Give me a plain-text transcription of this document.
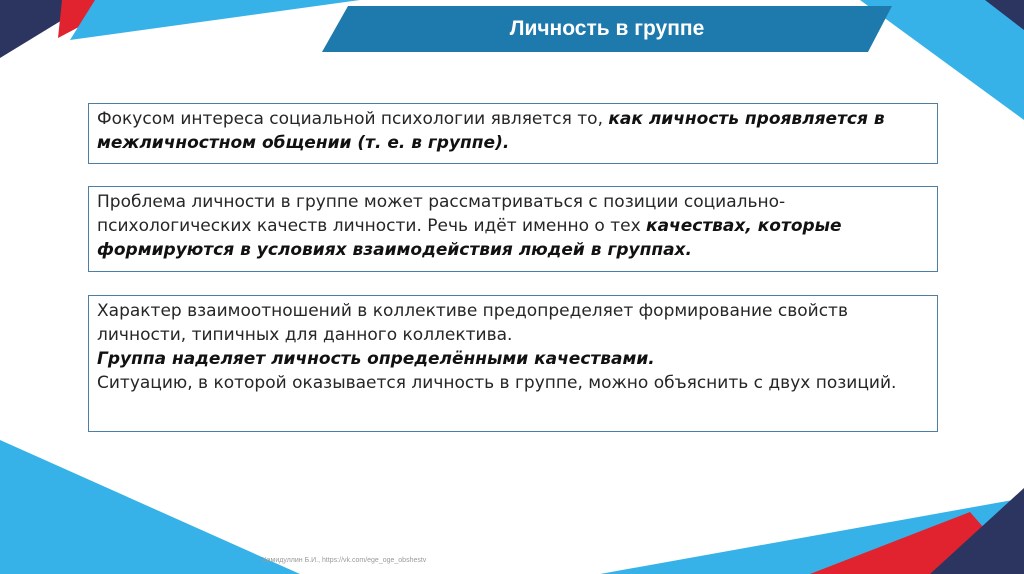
Личность в группе
Фокусом интереса социальной психологии является то, как личность проявляется в межличностном общении (т. е. в группе).
Проблема личности в группе может рассматриваться с позиции социально-психологических качеств личности. Речь идёт именно о тех качествах, которые формируются в условиях взаимодействия людей в группах.
Характер взаимоотношений в коллективе предопределяет формирование свойств личности, типичных для данного коллектива.
Группа наделяет личность определёнными качествами.
Ситуацию, в которой оказывается личность в группе, можно объяснить с двух позиций.
Хамидуллин Б.И., https://vk.com/ege_oge_obshestv
